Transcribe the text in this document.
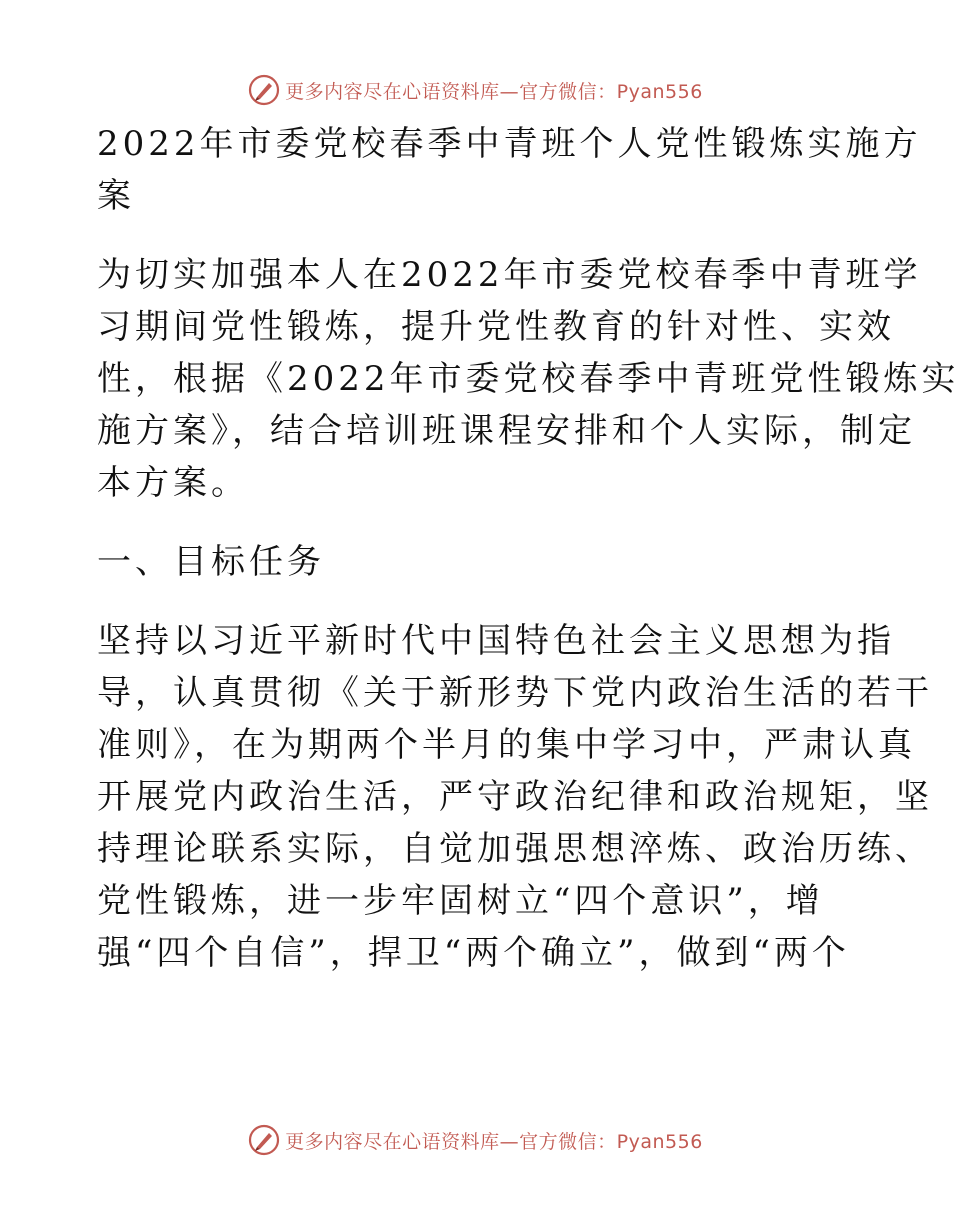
更多内容尽在心语资料库—官方微信：Pyan556
2022年市委党校春季中青班个人党性锻炼实施方
案
为切实加强本人在2022年市委党校春季中青班学
习期间党性锻炼，提升党性教育的针对性、实效
性，根据《2022年市委党校春季中青班党性锻炼实
施方案》，结合培训班课程安排和个人实际，制定
本方案。
一、目标任务
坚持以习近平新时代中国特色社会主义思想为指
导，认真贯彻《关于新形势下党内政治生活的若干
准则》，在为期两个半月的集中学习中，严肃认真
开展党内政治生活，严守政治纪律和政治规矩，坚
持理论联系实际，自觉加强思想淬炼、政治历练、
党性锻炼，进一步牢固树立“四个意识”，增
强“四个自信”，捍卫“两个确立”，做到“两个
更多内容尽在心语资料库—官方微信：Pyan556
